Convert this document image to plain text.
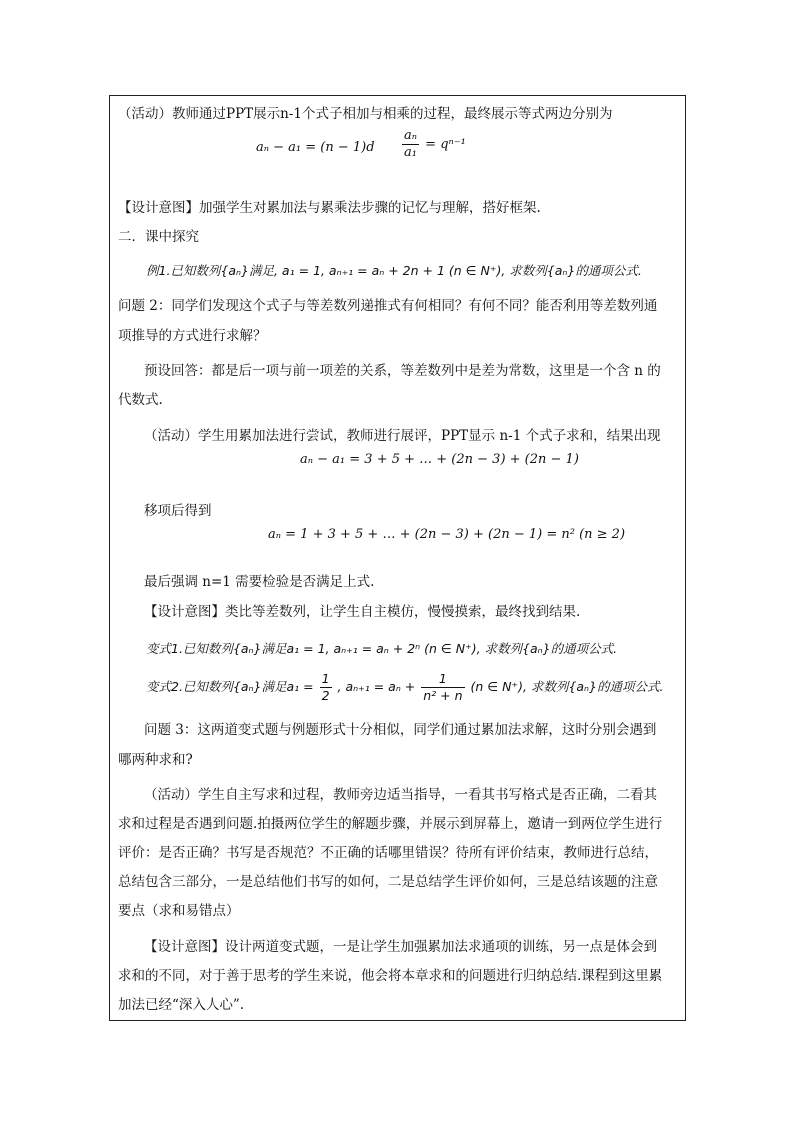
（活动）教师通过PPT展示n-1个式子相加与相乘的过程，最终展示等式两边分别为
$a_n - a_1 = (n - 1)d \frac{\text{aₙ}}{\text{a₁}} = q^{n-1}$
【设计意图】加强学生对累加法与累乘法步骤的记忆与理解，搭好框架.
二．课中探究
例1.已知数列{aₙ}满足, a₁ = 1, aₙ₊₁ = aₙ + 2n + 1 (n ∈ N⁺), 求数列{aₙ}的通项公式.
问题 2：同学们发现这个式子与等差数列递推式有何相同？有何不同？能否利用等差数列通
项推导的方式进行求解？
预设回答：都是后一项与前一项差的关系，等差数列中是差为常数，这里是一个含 n 的
代数式.
（活动）学生用累加法进行尝试，教师进行展评，PPT显示 n-1 个式子求和，结果出现
aₙ − a₁ = 3 + 5 + … + (2n − 3) + (2n − 1)
移项后得到
aₙ = 1 + 3 + 5 + … + (2n − 3) + (2n − 1) = n² (n ≥ 2)
最后强调 n=1 需要检验是否满足上式.
【设计意图】类比等差数列，让学生自主模仿，慢慢摸索，最终找到结果.
变式1.已知数列{aₙ}满足a₁ = 1, aₙ₊₁ = aₙ + 2ⁿ (n ∈ N⁺), 求数列{aₙ}的通项公式.
变式2.已知数列{aₙ}满足$a_1 = \frac{1}{2}$ , $a_{n+1} = a_n + \frac{1}{\text{n² + n}} (n$ ∈ N⁺), 求数列{aₙ}的通项公式.
问题 3：这两道变式题与例题形式十分相似，同学们通过累加法求解，这时分别会遇到
哪两种求和?
（活动）学生自主写求和过程，教师旁边适当指导，一看其书写格式是否正确，二看其
求和过程是否遇到问题.拍摄两位学生的解题步骤，并展示到屏幕上，邀请一到两位学生进行
评价：是否正确？书写是否规范？不正确的话哪里错误？待所有评价结束，教师进行总结，
总结包含三部分，一是总结他们书写的如何，二是总结学生评价如何，三是总结该题的注意
要点（求和易错点）
【设计意图】设计两道变式题，一是让学生加强累加法求通项的训练，另一点是体会到
求和的不同，对于善于思考的学生来说，他会将本章求和的问题进行归纳总结.课程到这里累
加法已经“深入人心”.
